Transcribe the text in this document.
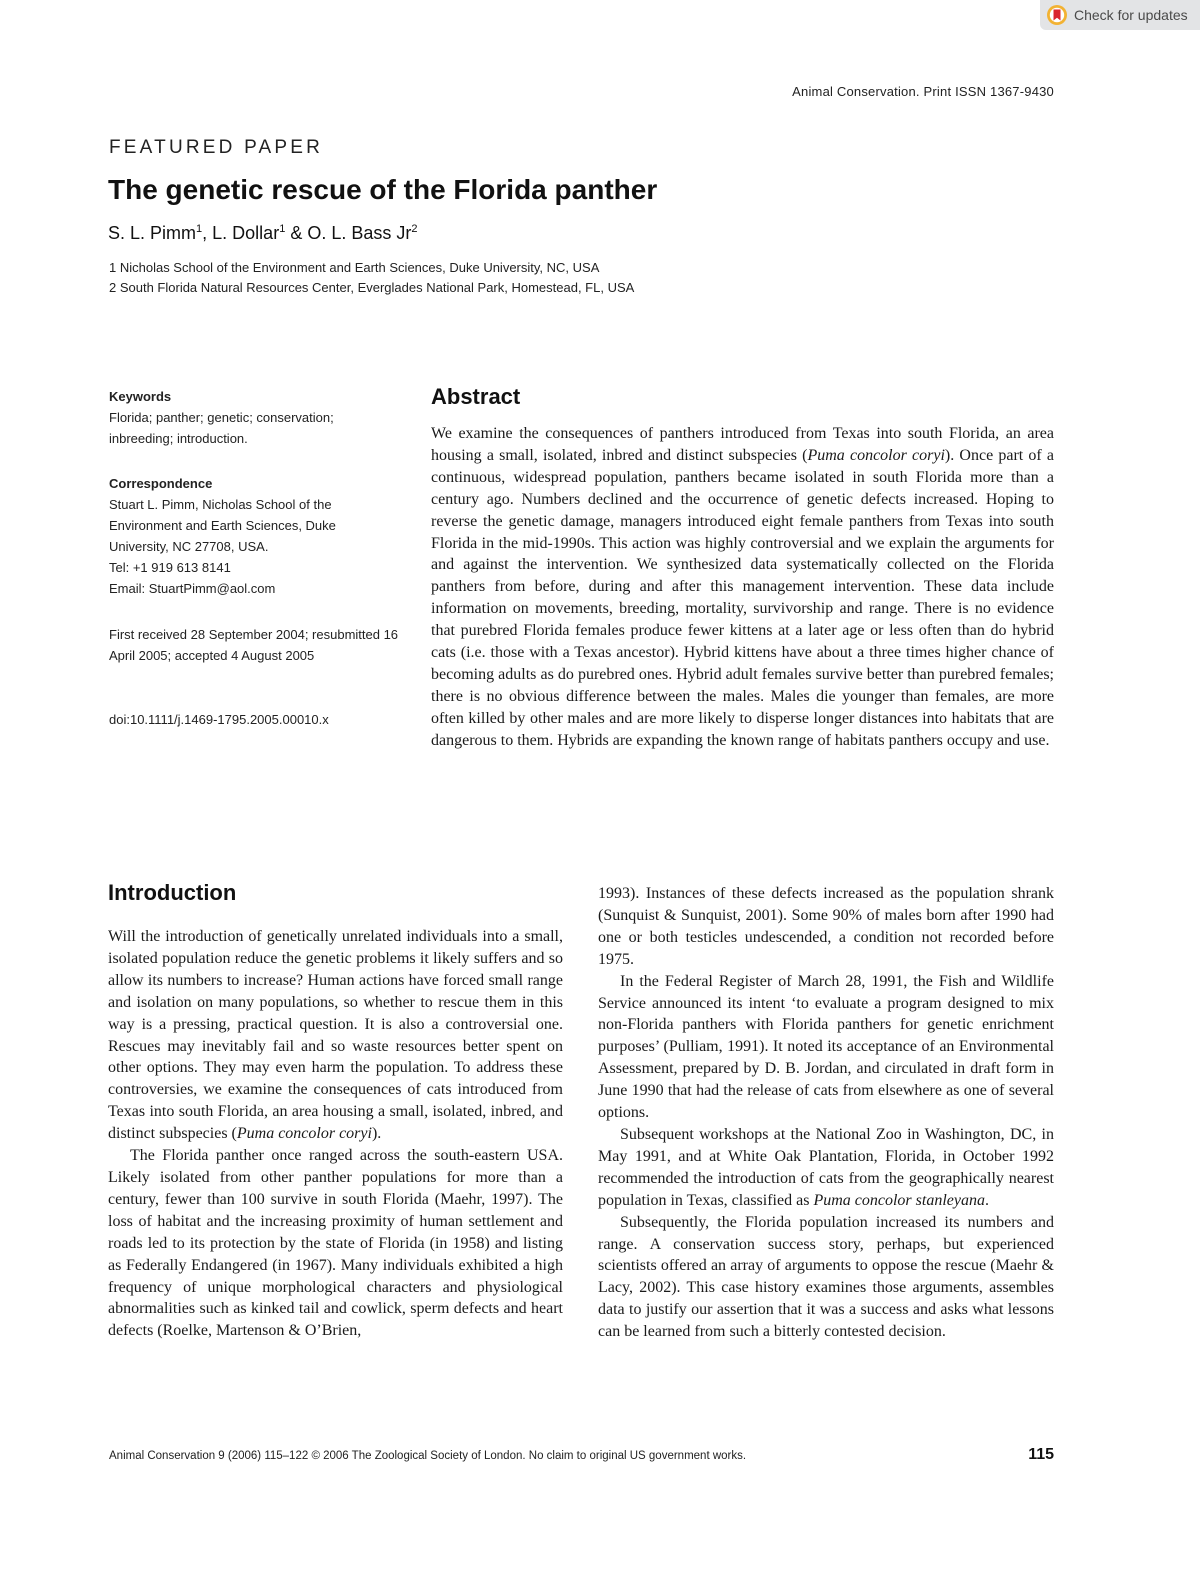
Check for updates
Animal Conservation. Print ISSN 1367-9430
FEATURED PAPER
The genetic rescue of the Florida panther
S. L. Pimm$^1$, L. Dollar$^1$ & O. L. Bass Jr$^2$
1 Nicholas School of the Environment and Earth Sciences, Duke University, NC, USA
2 South Florida Natural Resources Center, Everglades National Park, Homestead, FL, USA
Keywords
Florida; panther; genetic; conservation; inbreeding; introduction.
Correspondence
Stuart L. Pimm, Nicholas School of the Environment and Earth Sciences, Duke University, NC 27708, USA.
Tel: +1 919 613 8141
Email: StuartPimm@aol.com
First received 28 September 2004; resubmitted 16 April 2005; accepted 4 August 2005
doi:10.1111/j.1469-1795.2005.00010.x
Abstract
We examine the consequences of panthers introduced from Texas into south Florida, an area housing a small, isolated, inbred and distinct subspecies (Puma concolor coryi). Once part of a continuous, widespread population, panthers became isolated in south Florida more than a century ago. Numbers declined and the occurrence of genetic defects increased. Hoping to reverse the genetic damage, managers introduced eight female panthers from Texas into south Florida in the mid-1990s. This action was highly controversial and we explain the arguments for and against the intervention. We synthesized data systematically collected on the Florida panthers from before, during and after this management intervention. These data include information on movements, breeding, mortality, survivorship and range. There is no evidence that purebred Florida females produce fewer kittens at a later age or less often than do hybrid cats (i.e. those with a Texas ancestor). Hybrid kittens have about a three times higher chance of becoming adults as do purebred ones. Hybrid adult females survive better than purebred females; there is no obvious difference between the males. Males die younger than females, are more often killed by other males and are more likely to disperse longer distances into habitats that are dangerous to them. Hybrids are expanding the known range of habitats panthers occupy and use.
Introduction

Will the introduction of genetically unrelated individuals into a small, isolated population reduce the genetic problems it likely suffers and so allow its numbers to increase? Human actions have forced small range and isolation on many populations, so whether to rescue them in this way is a pressing, practical question. It is also a controversial one. Rescues may inevitably fail and so waste resources better spent on other options. They may even harm the population. To address these controversies, we examine the consequences of cats introduced from Texas into south Florida, an area housing a small, isolated, inbred, and distinct subspecies (Puma concolor coryi).

The Florida panther once ranged across the south-eastern USA. Likely isolated from other panther populations for more than a century, fewer than 100 survive in south Florida (Maehr, 1997). The loss of habitat and the increasing proximity of human settlement and roads led to its protection by the state of Florida (in 1958) and listing as Federally Endangered (in 1967). Many individuals exhibited a high frequency of unique morphological characters and physiological abnormalities such as kinked tail and cowlick, sperm defects and heart defects (Roelke, Martenson & O’Brien,

1993). Instances of these defects increased as the population shrank (Sunquist & Sunquist, 2001). Some 90% of males born after 1990 had one or both testicles undescended, a condition not recorded before 1975.

In the Federal Register of March 28, 1991, the Fish and Wildlife Service announced its intent ‘to evaluate a program designed to mix non-Florida panthers with Florida panthers for genetic enrichment purposes’ (Pulliam, 1991). It noted its acceptance of an Environmental Assessment, prepared by D. B. Jordan, and circulated in draft form in June 1990 that had the release of cats from elsewhere as one of several options.

Subsequent workshops at the National Zoo in Washington, DC, in May 1991, and at White Oak Plantation, Florida, in October 1992 recommended the introduction of cats from the geographically nearest population in Texas, classified as Puma concolor stanleyana.

Subsequently, the Florida population increased its numbers and range. A conservation success story, perhaps, but experienced scientists offered an array of arguments to oppose the rescue (Maehr & Lacy, 2002). This case history examines those arguments, assembles data to justify our assertion that it was a success and asks what lessons can be learned from such a bitterly contested decision.

Animal Conservation 9 (2006) 115–122 © 2006 The Zoological Society of London. No claim to original US government works.	115
